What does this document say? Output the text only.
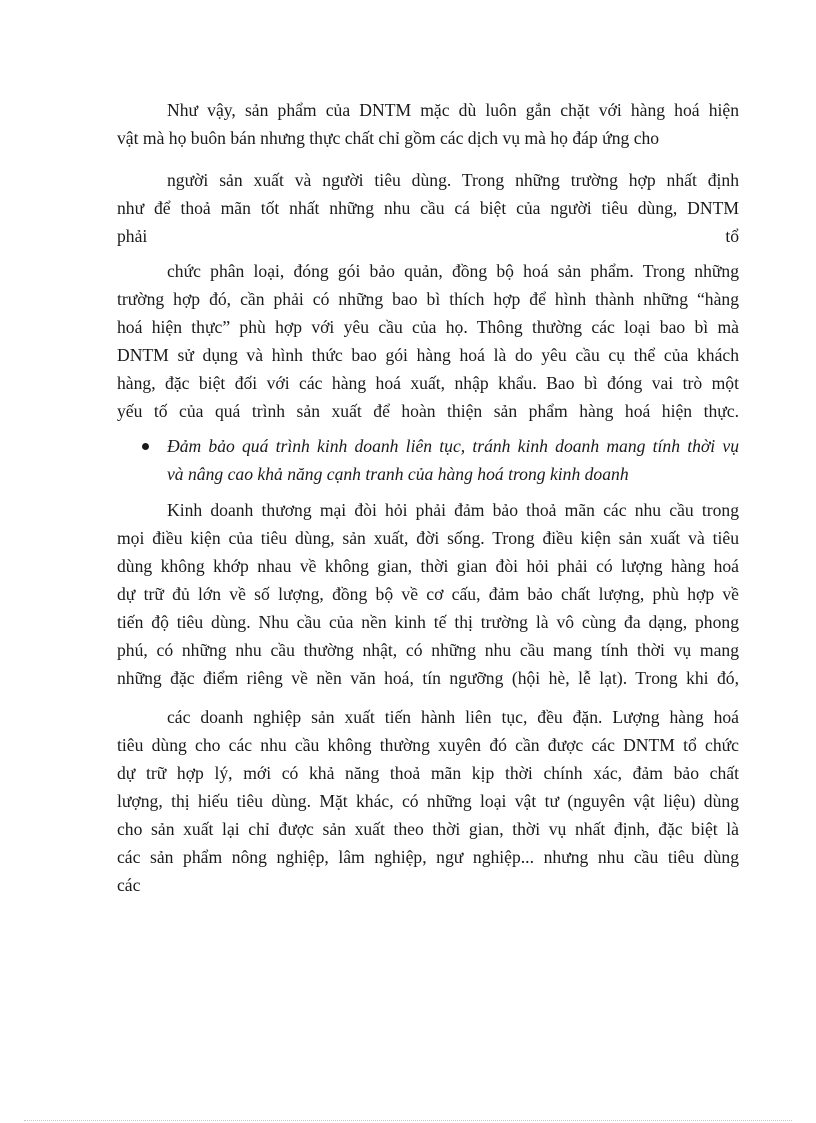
Như vậy, sản phẩm của DNTM mặc dù luôn gắn chặt với hàng hoá hiện
vật mà họ buôn bán nhưng thực chất chỉ gồm các dịch vụ mà họ đáp ứng cho
người sản xuất và người tiêu dùng. Trong những trường hợp nhất định
như để thoả mãn tốt nhất những nhu cầu cá biệt của người tiêu dùng, DNTM
phải	tổ
chức phân loại, đóng gói bảo quản, đồng bộ hoá sản phẩm. Trong những
trường hợp đó, cần phải có những bao bì thích hợp để hình thành những “hàng
hoá hiện thực” phù hợp với yêu cầu của họ. Thông thường các loại bao bì mà
DNTM sử dụng và hình thức bao gói hàng hoá là do yêu cầu cụ thể của khách
hàng, đặc biệt đối với các hàng hoá xuất, nhập khẩu. Bao bì đóng vai trò một
yếu tố của quá trình sản xuất để hoàn thiện sản phẩm hàng hoá hiện thực.
Đảm bảo quá trình kinh doanh liên tục, tránh kinh doanh mang tính thời vụ
và nâng cao khả năng cạnh tranh của hàng hoá trong kinh doanh
Kinh doanh thương mại đòi hỏi phải đảm bảo thoả mãn các nhu cầu trong
mọi điều kiện của tiêu dùng, sản xuất, đời sống. Trong điều kiện sản xuất và tiêu
dùng không khớp nhau về không gian, thời gian đòi hỏi phải có lượng hàng hoá
dự trữ đủ lớn về số lượng, đồng bộ về cơ cấu, đảm bảo chất lượng, phù hợp về
tiến độ tiêu dùng. Nhu cầu của nền kinh tế thị trường là vô cùng đa dạng, phong
phú, có những nhu cầu thường nhật, có những nhu cầu mang tính thời vụ mang
những đặc điểm riêng về nền văn hoá, tín ngưỡng (hội hè, lễ lạt). Trong khi đó,
các doanh nghiệp sản xuất tiến hành liên tục, đều đặn. Lượng hàng hoá
tiêu dùng cho các nhu cầu không thường xuyên đó cần được các DNTM tổ chức
dự trữ hợp lý, mới có khả năng thoả mãn kịp thời chính xác, đảm bảo chất
lượng, thị hiếu tiêu dùng. Mặt khác, có những loại vật tư (nguyên vật liệu) dùng
cho sản xuất lại chỉ được sản xuất theo thời gian, thời vụ nhất định, đặc biệt là
các sản phẩm nông nghiệp, lâm nghiệp, ngư nghiệp... nhưng nhu cầu tiêu dùng
các
